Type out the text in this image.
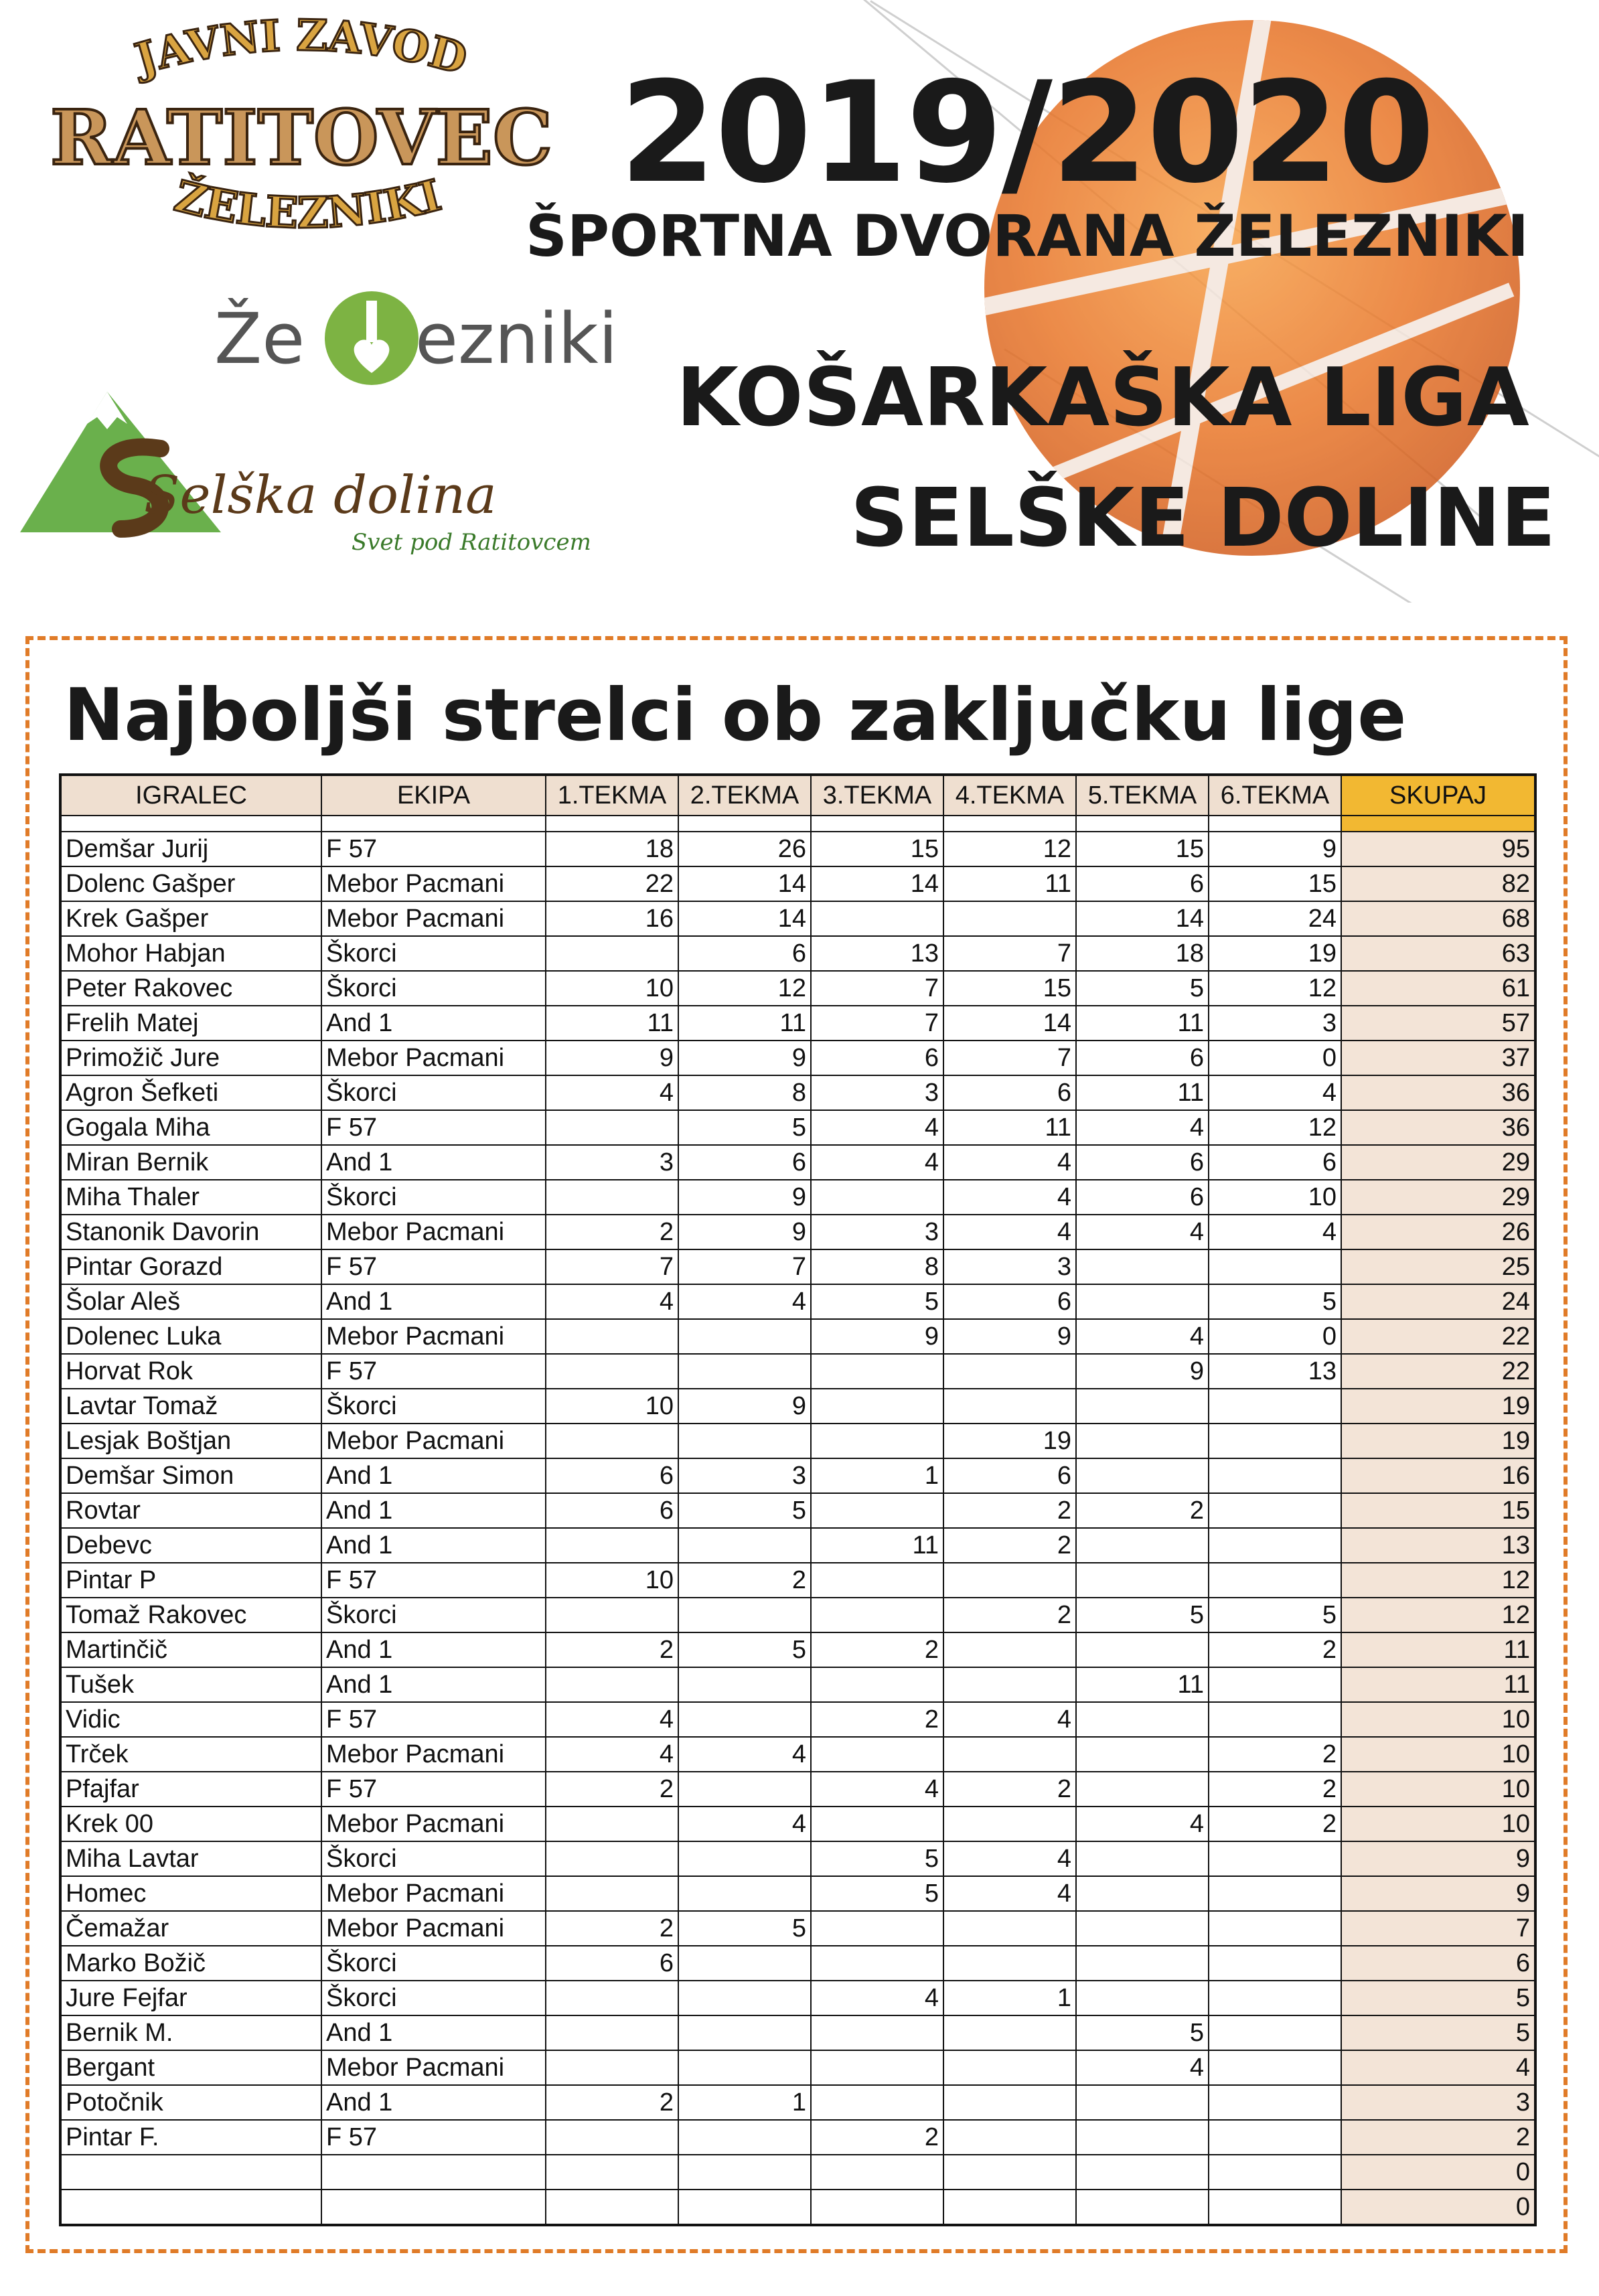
JAVNI ZAVOD
RATITOVEC
ŽELEZNIKI
Že ezniki
Selška dolina
Svet pod Ratitovcem
2019/2020
ŠPORTNA DVORANA ŽELEZNIKI
KOŠARKAŠKA LIGA
SELŠKE DOLINE
Najboljši strelci ob zaključku lige
IGRALEC	EKIPA	1.TEKMA	2.TEKMA	3.TEKMA	4.TEKMA	5.TEKMA	6.TEKMA	SKUPAJ

Demšar Jurij	F 57	18	26	15	12	15	9	95
Dolenc Gašper	Mebor Pacmani	22	14	14	11	6	15	82
Krek Gašper	Mebor Pacmani	16	14			14	24	68
Mohor Habjan	Škorci		6	13	7	18	19	63
Peter Rakovec	Škorci	10	12	7	15	5	12	61
Frelih Matej	And 1	11	11	7	14	11	3	57
Primožič Jure	Mebor Pacmani	9	9	6	7	6	0	37
Agron Šefketi	Škorci	4	8	3	6	11	4	36
Gogala Miha	F 57		5	4	11	4	12	36
Miran Bernik	And 1	3	6	4	4	6	6	29
Miha Thaler	Škorci		9		4	6	10	29
Stanonik Davorin	Mebor Pacmani	2	9	3	4	4	4	26
Pintar Gorazd	F 57	7	7	8	3			25
Šolar Aleš	And 1	4	4	5	6		5	24
Dolenec Luka	Mebor Pacmani			9	9	4	0	22
Horvat Rok	F 57					9	13	22
Lavtar Tomaž	Škorci	10	9					19
Lesjak Boštjan	Mebor Pacmani				19			19
Demšar Simon	And 1	6	3	1	6			16
Rovtar	And 1	6	5		2	2		15
Debevc	And 1			11	2			13
Pintar P	F 57	10	2					12
Tomaž Rakovec	Škorci				2	5	5	12
Martinčič	And 1	2	5	2			2	11
Tušek	And 1					11		11
Vidic	F 57	4		2	4			10
Trček	Mebor Pacmani	4	4				2	10
Pfajfar	F 57	2		4	2		2	10
Krek 00	Mebor Pacmani		4			4	2	10
Miha Lavtar	Škorci			5	4			9
Homec	Mebor Pacmani			5	4			9
Čemažar	Mebor Pacmani	2	5					7
Marko Božič	Škorci	6						6
Jure Fejfar	Škorci			4	1			5
Bernik M.	And 1					5		5
Bergant	Mebor Pacmani					4		4
Potočnik	And 1	2	1					3
Pintar F.	F 57			2				2
								0
								0
